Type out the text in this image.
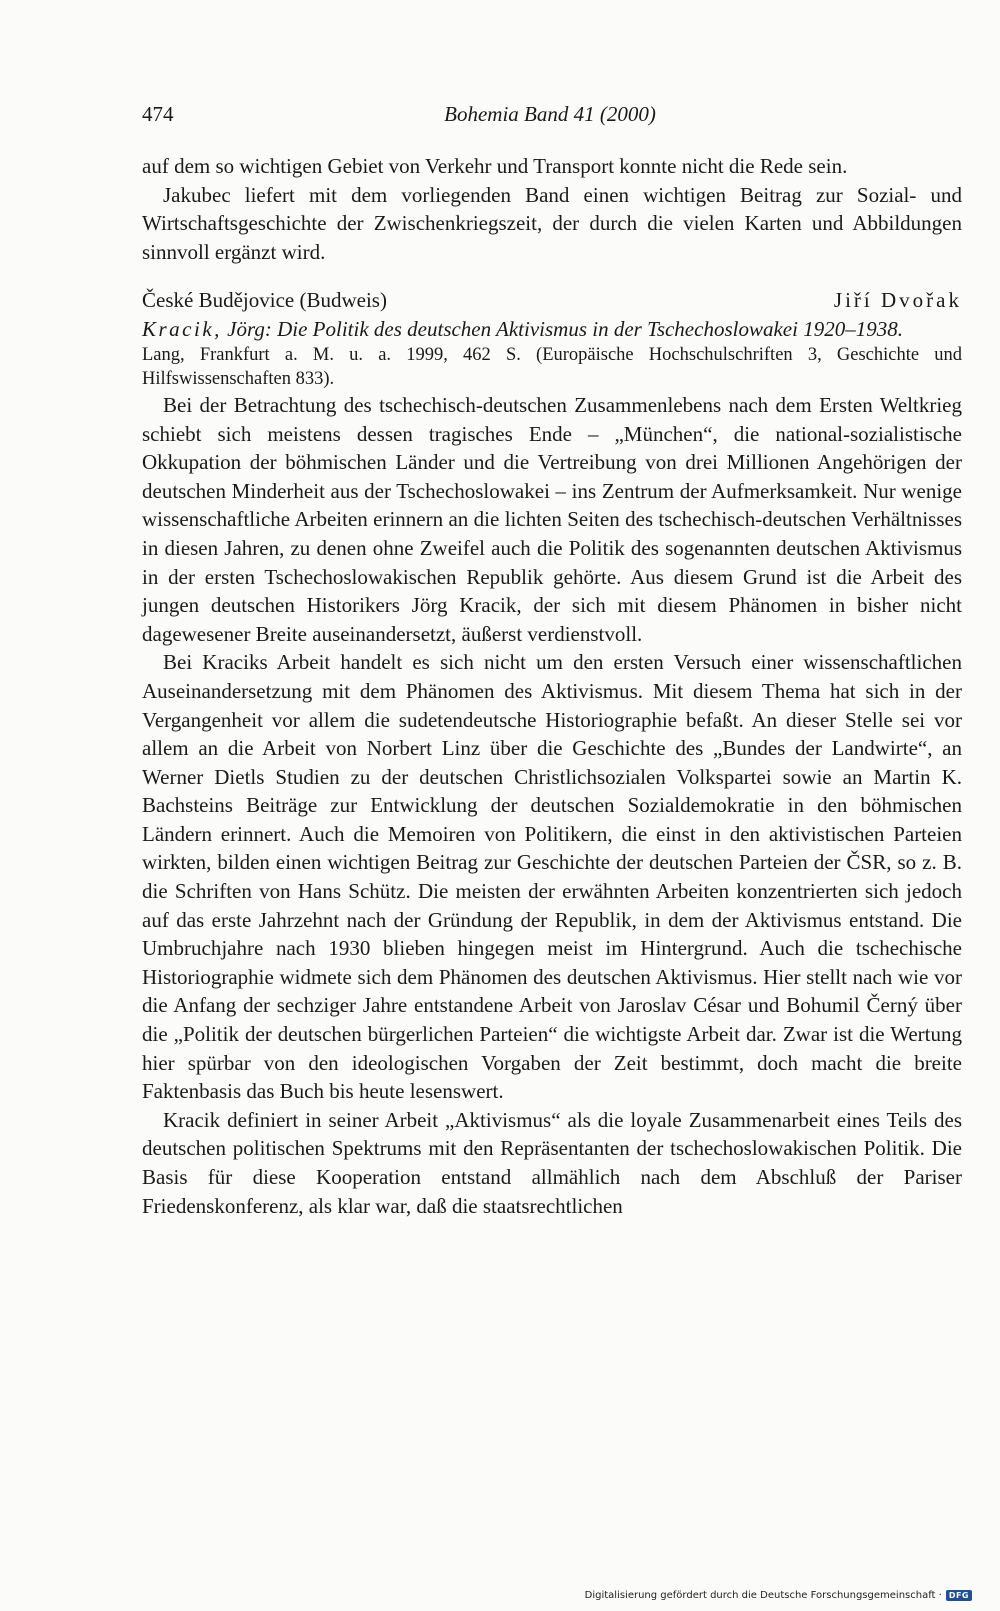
474	Bohemia Band 41 (2000)

auf dem so wichtigen Gebiet von Verkehr und Transport konnte nicht die Rede sein.

Jakubec liefert mit dem vorliegenden Band einen wichtigen Beitrag zur Sozial- und Wirtschaftsgeschichte der Zwischenkriegszeit, der durch die vielen Karten und Abbildungen sinnvoll ergänzt wird.

České Budějovice (Budweis)	Jiří Dvořak

Kracik, Jörg: Die Politik des deutschen Aktivismus in der Tschechoslowakei 1920–1938.

Lang, Frankfurt a. M. u. a. 1999, 462 S. (Europäische Hochschulschriften 3, Geschichte und Hilfswissenschaften 833).

Bei der Betrachtung des tschechisch-deutschen Zusammenlebens nach dem Ersten Weltkrieg schiebt sich meistens dessen tragisches Ende – „München“, die national-sozialistische Okkupation der böhmischen Länder und die Vertreibung von drei Millionen Angehörigen der deutschen Minderheit aus der Tschechoslowakei – ins Zentrum der Aufmerksamkeit. Nur wenige wissenschaftliche Arbeiten erinnern an die lichten Seiten des tschechisch-deutschen Verhältnisses in diesen Jahren, zu denen ohne Zweifel auch die Politik des sogenannten deutschen Aktivismus in der ersten Tschechoslowakischen Republik gehörte. Aus diesem Grund ist die Arbeit des jungen deutschen Historikers Jörg Kracik, der sich mit diesem Phänomen in bisher nicht dagewesener Breite auseinandersetzt, äußerst verdienstvoll.

Bei Kraciks Arbeit handelt es sich nicht um den ersten Versuch einer wissenschaftlichen Auseinandersetzung mit dem Phänomen des Aktivismus. Mit diesem Thema hat sich in der Vergangenheit vor allem die sudetendeutsche Historiographie befaßt. An dieser Stelle sei vor allem an die Arbeit von Norbert Linz über die Geschichte des „Bundes der Landwirte“, an Werner Dietls Studien zu der deutschen Christlichsozialen Volkspartei sowie an Martin K. Bachsteins Beiträge zur Entwicklung der deutschen Sozialdemokratie in den böhmischen Ländern erinnert. Auch die Memoiren von Politikern, die einst in den aktivistischen Parteien wirkten, bilden einen wichtigen Beitrag zur Geschichte der deutschen Parteien der ČSR, so z. B. die Schriften von Hans Schütz. Die meisten der erwähnten Arbeiten konzentrierten sich jedoch auf das erste Jahrzehnt nach der Gründung der Republik, in dem der Aktivismus entstand. Die Umbruchjahre nach 1930 blieben hingegen meist im Hintergrund. Auch die tschechische Historiographie widmete sich dem Phänomen des deutschen Aktivismus. Hier stellt nach wie vor die Anfang der sechziger Jahre entstandene Arbeit von Jaroslav César und Bohumil Černý über die „Politik der deutschen bürgerlichen Parteien“ die wichtigste Arbeit dar. Zwar ist die Wertung hier spürbar von den ideologischen Vorgaben der Zeit bestimmt, doch macht die breite Faktenbasis das Buch bis heute lesenswert.

Kracik definiert in seiner Arbeit „Aktivismus“ als die loyale Zusammenarbeit eines Teils des deutschen politischen Spektrums mit den Repräsentanten der tschechoslowakischen Politik. Die Basis für diese Kooperation entstand allmählich nach dem Abschluß der Pariser Friedenskonferenz, als klar war, daß die staatsrechtlichen

Digitalisierung gefördert durch die Deutsche Forschungsgemeinschaft · DFG
